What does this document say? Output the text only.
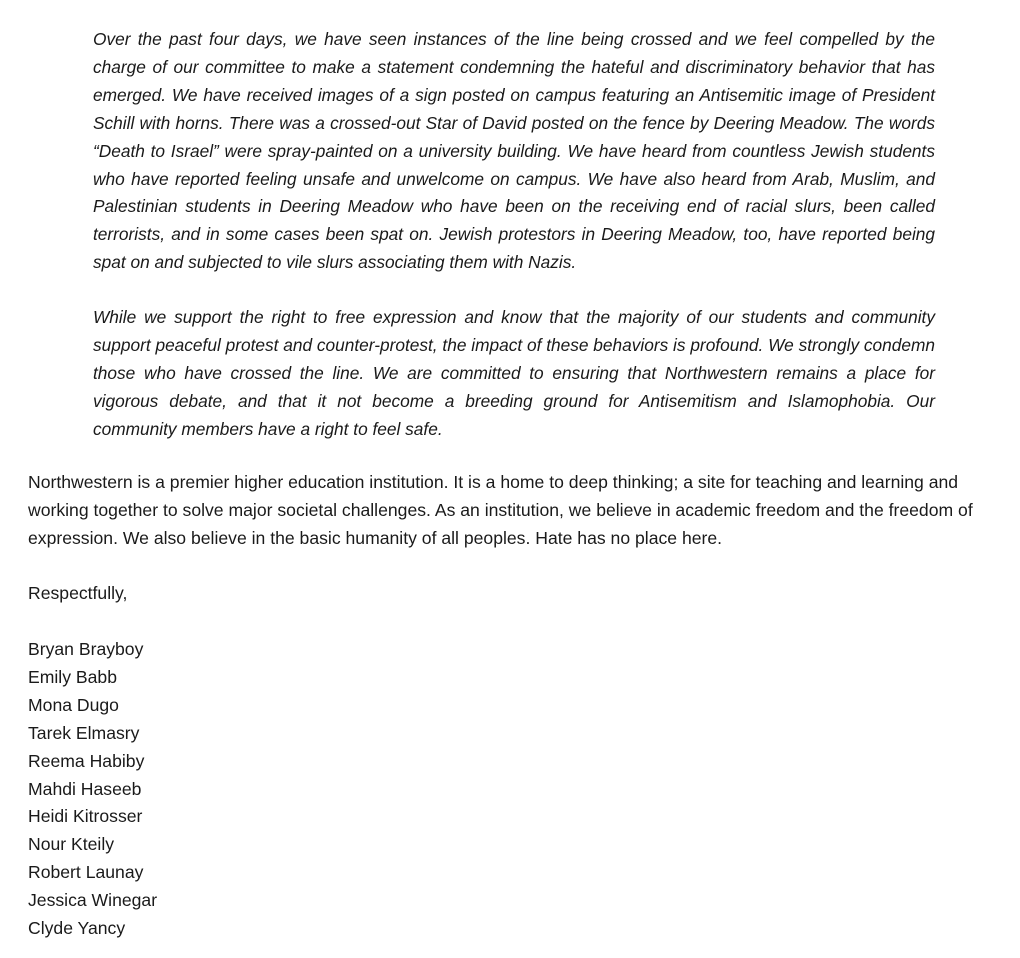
Over the past four days, we have seen instances of the line being crossed and we feel compelled by the charge of our committee to make a statement condemning the hateful and discriminatory behavior that has emerged. We have received images of a sign posted on campus featuring an Antisemitic image of President Schill with horns. There was a crossed-out Star of David posted on the fence by Deering Meadow. The words “Death to Israel” were spray-painted on a university building. We have heard from countless Jewish students who have reported feeling unsafe and unwelcome on campus. We have also heard from Arab, Muslim, and Palestinian students in Deering Meadow who have been on the receiving end of racial slurs, been called terrorists, and in some cases been spat on. Jewish protestors in Deering Meadow, too, have reported being spat on and subjected to vile slurs associating them with Nazis.

While we support the right to free expression and know that the majority of our students and community support peaceful protest and counter-protest, the impact of these behaviors is profound. We strongly condemn those who have crossed the line. We are committed to ensuring that Northwestern remains a place for vigorous debate, and that it not become a breeding ground for Antisemitism and Islamophobia. Our community members have a right to feel safe.

Northwestern is a premier higher education institution. It is a home to deep thinking; a site for teaching and learning and working together to solve major societal challenges. As an institution, we believe in academic freedom and the freedom of expression. We also believe in the basic humanity of all peoples. Hate has no place here.

Respectfully,

Bryan Brayboy
Emily Babb
Mona Dugo
Tarek Elmasry
Reema Habiby
Mahdi Haseeb
Heidi Kitrosser
Nour Kteily
Robert Launay
Jessica Winegar
Clyde Yancy
